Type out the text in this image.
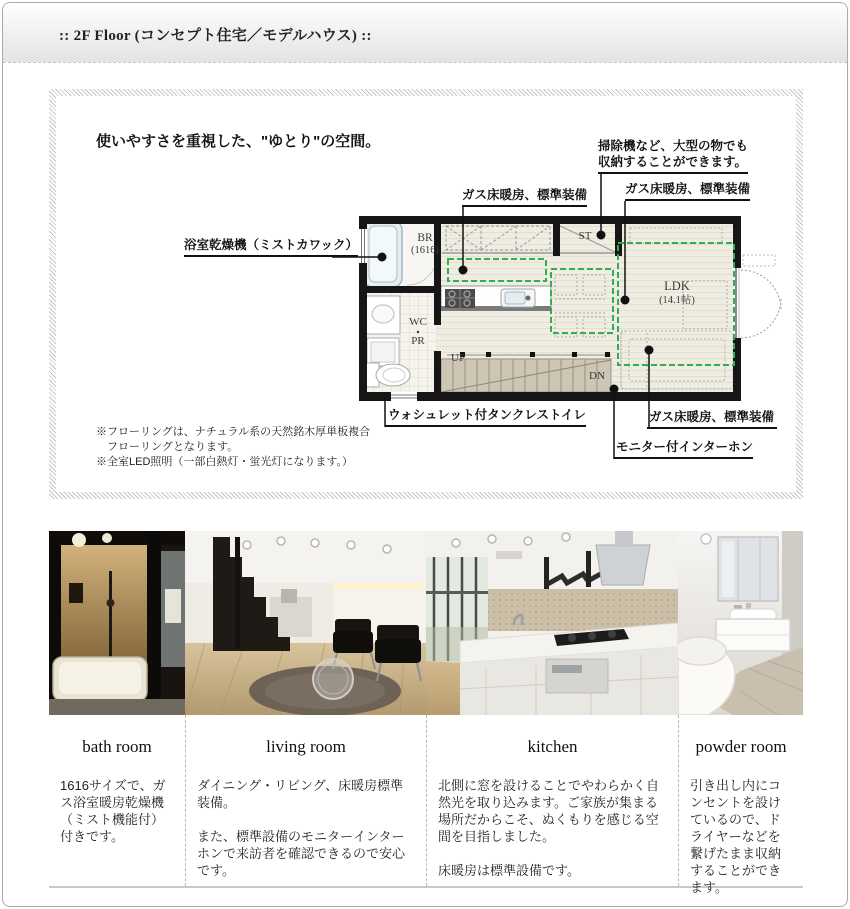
:: 2F Floor (コンセプト住宅／モデルハウス) ::
BR
(1616)
ST
WC
PR
LDK
(14.1帖)
UP
DN
使いやすさを重視した、"ゆとり"の空間。	掃除機など、大型の物でも
収納することができます。
ガス床暖房、標準装備	ガス床暖房、標準装備
浴室乾燥機（ミストカワック）
ウォシュレット付タンクレストイレ	ガス床暖房、標準装備
モニター付インターホン
※フローリングは、ナチュラル系の天然銘木厚単板複合
　フローリングとなります。
※全室LED照明（一部白熱灯・蛍光灯になります。）
bath room

1616サイズで、ガス浴室暖房乾燥機（ミスト機能付）付きです。

living room

ダイニング・リビング、床暖房標準装備。

また、標準設備のモニターインターホンで来訪者を確認できるので安心です。

kitchen

北側に窓を設けることでやわらかく自然光を取り込みます。ご家族が集まる場所だからこそ、ぬくもりを感じる空間を目指しました。

床暖房は標準設備です。

powder room

引き出し内にコンセントを設けているので、ドライヤーなどを繋げたまま収納することができます。
